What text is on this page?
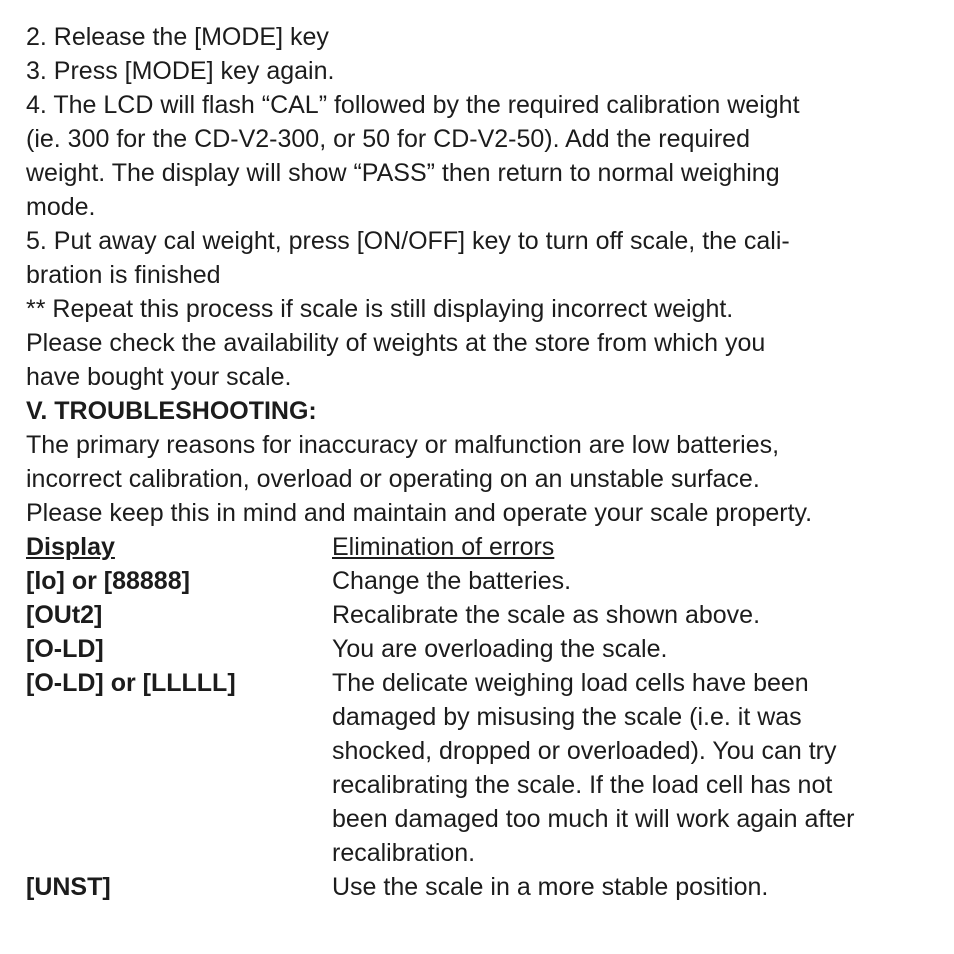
2. Release the [MODE] key

3. Press [MODE] key again.

4. The LCD will flash “CAL” followed by the required calibration weight
(ie. 300 for the CD-V2-300, or 50 for CD-V2-50). Add the required
weight. The display will show “PASS” then return to normal weighing
mode.

5. Put away cal weight, press [ON/OFF] key to turn off scale, the cali-
bration is finished

** Repeat this process if scale is still displaying incorrect weight.
Please check the availability of weights at the store from which you
have bought your scale.

V. TROUBLESHOOTING:

The primary reasons for inaccuracy or malfunction are low batteries,
incorrect calibration, overload or operating on an unstable surface.
Please keep this in mind and maintain and operate your scale property.

Display	Elimination of errors
[lo] or [88888]	Change the batteries.
[OUt2]	Recalibrate the scale as shown above.
[O-LD]	You are overloading the scale.
[O-LD] or [LLLLL]	The delicate weighing load cells have been
damaged by misusing the scale (i.e. it was
shocked, dropped or overloaded). You can try
recalibrating the scale. If the load cell has not
been damaged too much it will work again after
recalibration.
[UNST]	Use the scale in a more stable position.
